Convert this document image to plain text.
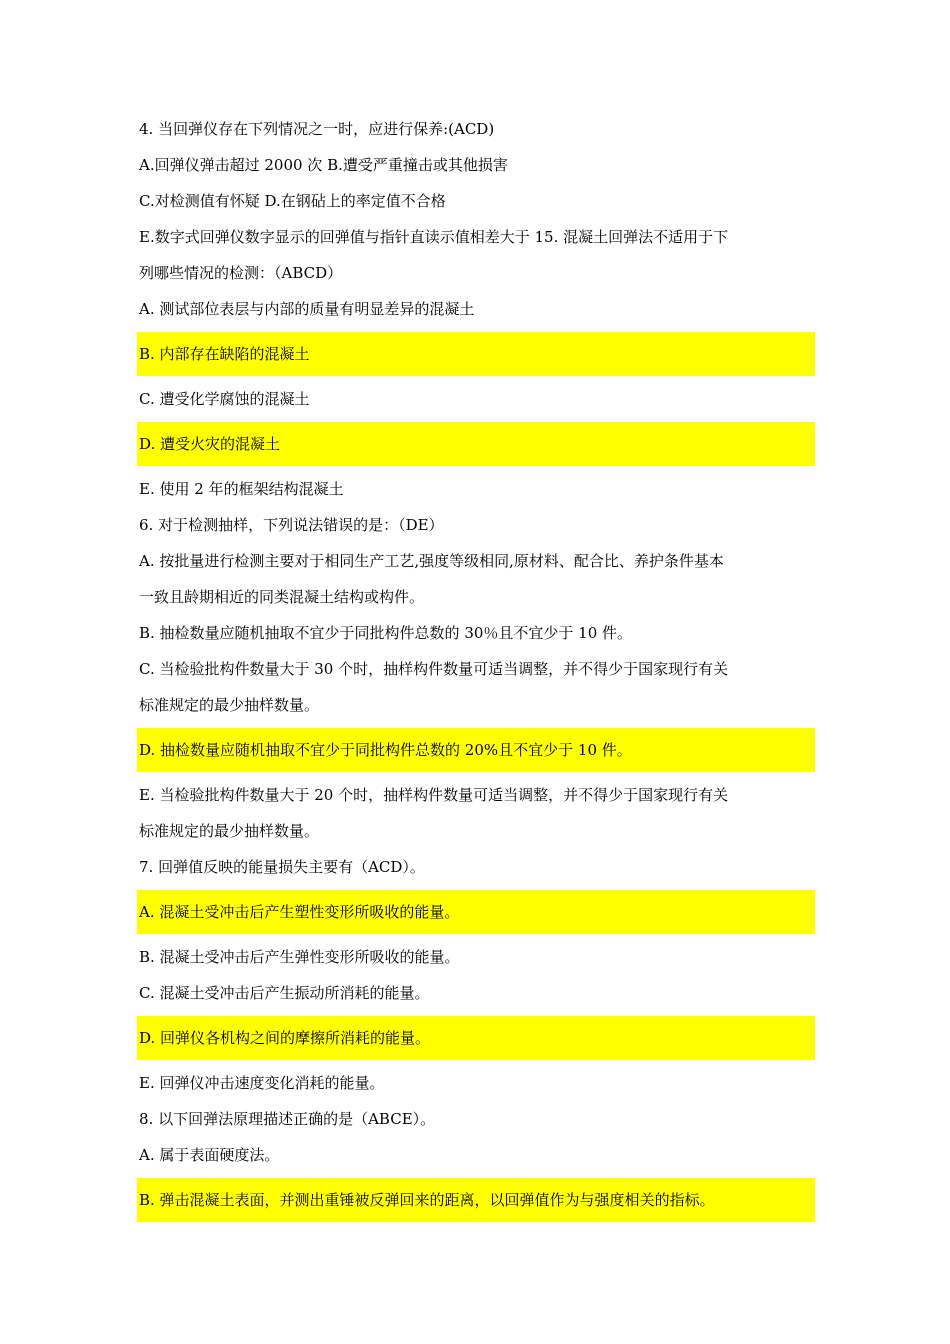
4. 当回弹仪存在下列情况之一时，应进行保养:(ACD)
A.回弹仪弹击超过 2000 次 B.遭受严重撞击或其他损害
C.对检测值有怀疑 D.在钢砧上的率定值不合格
E.数字式回弹仪数字显示的回弹值与指针直读示值相差大于 15. 混凝土回弹法不适用于下
列哪些情况的检测：（ABCD）
A. 测试部位表层与内部的质量有明显差异的混凝土
B. 内部存在缺陷的混凝土
C. 遭受化学腐蚀的混凝土
D. 遭受火灾的混凝土
E. 使用 2 年的框架结构混凝土
6. 对于检测抽样，下列说法错误的是：（DE）
A. 按批量进行检测主要对于相同生产工艺,强度等级相同,原材料、配合比、养护条件基本
一致且龄期相近的同类混凝土结构或构件。
B. 抽检数量应随机抽取不宜少于同批构件总数的 30％且不宜少于 10 件。
C. 当检验批构件数量大于 30 个时，抽样构件数量可适当调整，并不得少于国家现行有关
标准规定的最少抽样数量。
D. 抽检数量应随机抽取不宜少于同批构件总数的 20%且不宜少于 10 件。
E. 当检验批构件数量大于 20 个时，抽样构件数量可适当调整，并不得少于国家现行有关
标准规定的最少抽样数量。
7. 回弹值反映的能量损失主要有（ACD）。
A. 混凝土受冲击后产生塑性变形所吸收的能量。
B. 混凝土受冲击后产生弹性变形所吸收的能量。
C. 混凝土受冲击后产生振动所消耗的能量。
D. 回弹仪各机构之间的摩擦所消耗的能量。
E. 回弹仪冲击速度变化消耗的能量。
8. 以下回弹法原理描述正确的是（ABCE）。
A. 属于表面硬度法。
B. 弹击混凝土表面，并测出重锤被反弹回来的距离，以回弹值作为与强度相关的指标。
